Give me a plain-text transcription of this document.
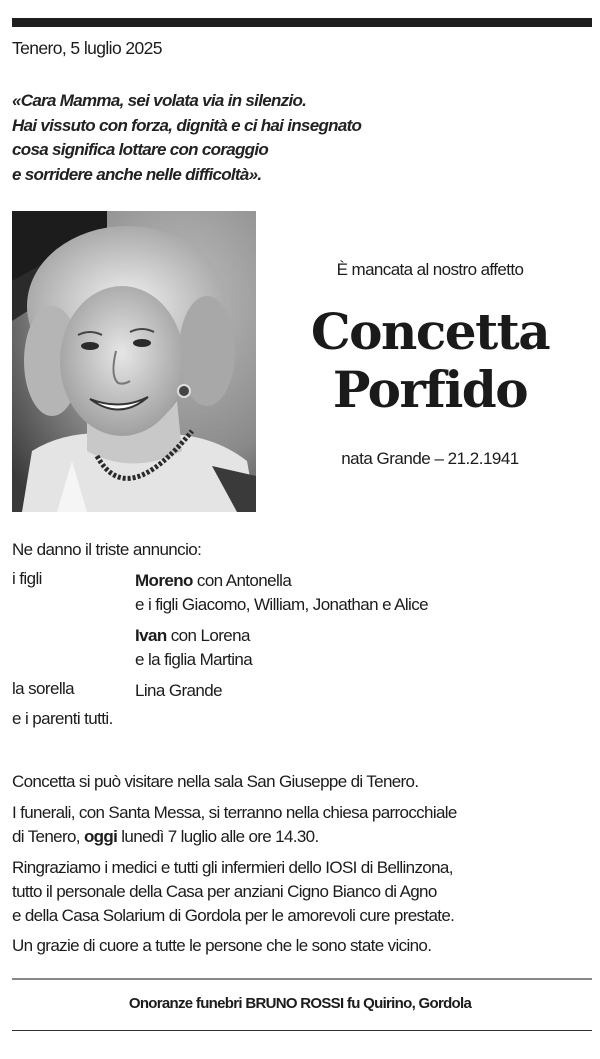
Tenero, 5 luglio 2025
«Cara Mamma, sei volata via in silenzio.
Hai vissuto con forza, dignità e ci hai insegnato
cosa significa lottare con coraggio
e sorridere anche nelle difficoltà».
È mancata al nostro affetto
Concetta
Porfido
nata Grande – 21.2.1941
Ne danno il triste annuncio:
i figli	Moreno con Antonella
e i figli Giacomo, William, Jonathan e Alice
Ivan con Lorena
e la figlia Martina
la sorella	Lina Grande
e i parenti tutti.
Concetta si può visitare nella sala San Giuseppe di Tenero.
I funerali, con Santa Messa, si terranno nella chiesa parrocchiale
di Tenero, oggi lunedì 7 luglio alle ore 14.30.
Ringraziamo i medici e tutti gli infermieri dello IOSI di Bellinzona,
tutto il personale della Casa per anziani Cigno Bianco di Agno
e della Casa Solarium di Gordola per le amorevoli cure prestate.
Un grazie di cuore a tutte le persone che le sono state vicino.
Onoranze funebri BRUNO ROSSI fu Quirino, Gordola
